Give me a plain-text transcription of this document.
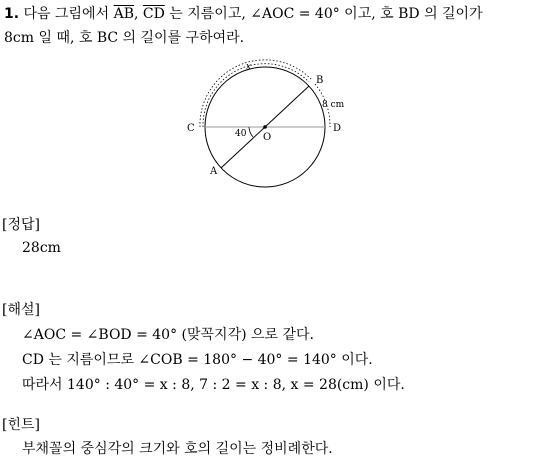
1. 다음 그림에서 $\overline{AB}$, $\overline{CD}$ 는 지름이고, ∠AOC = 40° 이고, 호 BD 의 길이가
8cm 일 때, 호 BC 의 길이를 구하여라.
x
B
8 cm
C	D
O
40
A
[정답]
28cm
[해설]
∠AOC = ∠BOD = 40° (맞꼭지각) 으로 같다.
CD 는 지름이므로 ∠COB = 180° − 40° = 140° 이다.
따라서 140° : 40° = x : 8, 7 : 2 = x : 8, x = 28(cm) 이다.
[힌트]
부채꼴의 중심각의 크기와 호의 길이는 정비례한다.
